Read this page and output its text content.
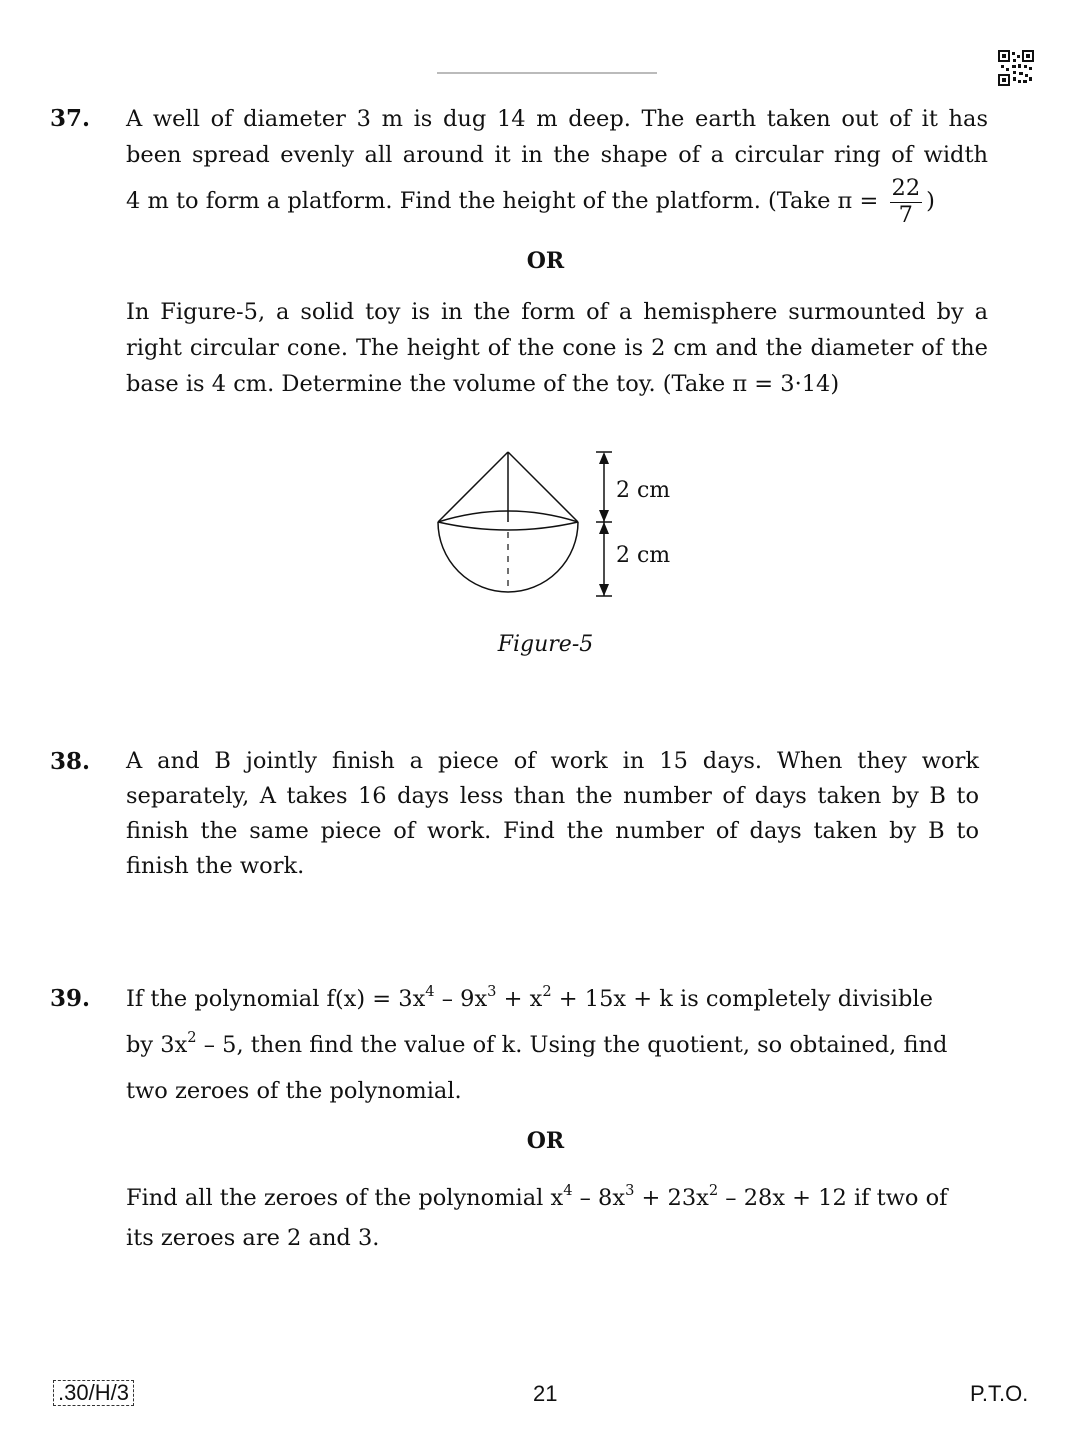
37. A well of diameter 3 m is dug 14 m deep. The earth taken out of it has
been spread evenly all around it in the shape of a circular ring of width
4 m to form a platform. Find the height of the platform. (Take $\pi = \frac{22}{7}$ )
OR
In Figure-5, a solid toy is in the form of a hemisphere surmounted by a
right circular cone. The height of the cone is 2 cm and the diameter of the
base is 4 cm. Determine the volume of the toy. (Take π = 3·14)
2 cm
2 cm
Figure-5
38. A and B jointly finish a piece of work in 15 days. When they work
separately, A takes 16 days less than the number of days taken by B to
finish the same piece of work. Find the number of days taken by B to
finish the work.
39. If the polynomial $f(x) = 3x^4 - 9x^3 + x^2 + 15x + k$ is completely divisible
by $3x^2 - 5$, then find the value of k. Using the quotient, so obtained, find
two zeroes of the polynomial.
OR
Find all the zeroes of the polynomial $x^4 - 8x^3 + 23x^2 - 28x + 12$ if two of
its zeroes are 2 and 3.
.30/H/3	21	P.T.O.
